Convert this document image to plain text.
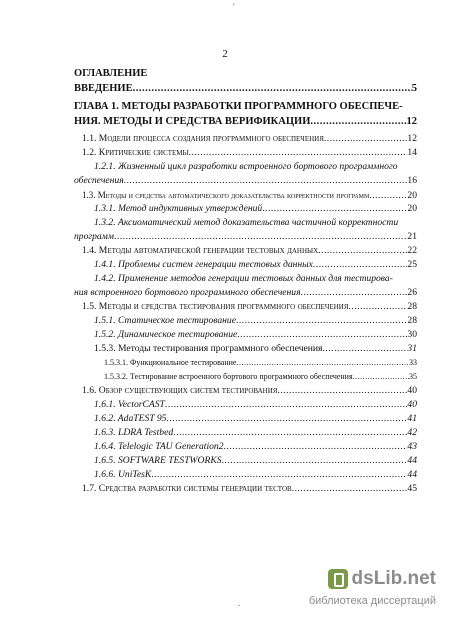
'
2
ОГЛАВЛЕНИЕ
ВВЕДЕНИЕ .....	5
ГЛАВА 1. МЕТОДЫ РАЗРАБОТКИ ПРОГРАММНОГО ОБЕСПЕЧЕ-
НИЯ. МЕТОДЫ И СРЕДСТВА ВЕРИФИКАЦИИ .....	12
1.1. Модели процесса создания программного обеспечения .....	12
1.2. Критические системы .....	14
1.2.1. Жизненный цикл разработки встроенного бортового программного
обеспечения .....	16
1.3. Методы и средства автоматического доказательства корректности программ .....	20
1.3.1. Метод индуктивных утверждений .....	20
1.3.2. Аксиоматический метод доказательства частичной корректности
программ .....	21
1.4. Методы автоматической генерации тестовых данных .....	22
1.4.1. Проблемы систем генерации тестовых данных .....	25
1.4.2. Применение методов генерации тестовых данных для тестирова-
ния встроенного бортового программного обеспечения .....	26
1.5. Методы и средства тестирования программного обеспечения .....	28
1.5.1. Статическое тестирование .....	28
1.5.2. Динамическое тестирование .....	30
1.5.3. Методы тестирования программного обеспечения .....	31
1.5.3.1. Функциональное тестирование .....	33
1.5.3.2. Тестирование встроенного бортового программного обеспечения .....	35
1.6. Обзор существующих систем тестирования .....	40
1.6.1. VectorCAST .....	40
1.6.2. AdaTEST 95 .....	41
1.6.3. LDRA Testbed .....	42
1.6.4. Telelogic TAU Generation2 .....	43
1.6.5. SOFTWARE TESTWORKS .....	44
1.6.6. UniTesK .....	44
1.7. Средства разработки системы генерации тестов .....	45
dsLib.net
библиотека диссертаций
.
